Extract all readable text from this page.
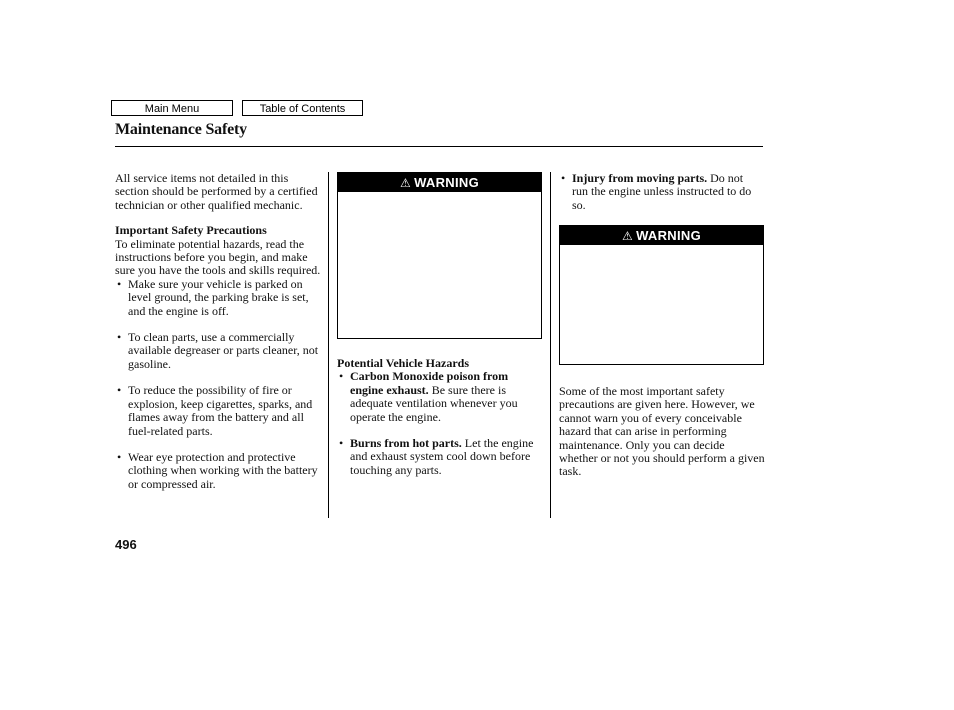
Main Menu	Table of Contents
Maintenance Safety

All service items not detailed in this section should be performed by a certified technician or other qualified mechanic.

Important Safety Precautions

To eliminate potential hazards, read the instructions before you begin, and make sure you have the tools and skills required.

• Make sure your vehicle is parked on level ground, the parking brake is set, and the engine is off.
• To clean parts, use a commercially available degreaser or parts cleaner, not gasoline.
• To reduce the possibility of fire or explosion, keep cigarettes, sparks, and flames away from the battery and all fuel-related parts.
• Wear eye protection and protective clothing when working with the battery or compressed air.
⚠ WARNING

Potential Vehicle Hazards

• Carbon Monoxide poison from engine exhaust. Be sure there is adequate ventilation whenever you operate the engine.
• Burns from hot parts. Let the engine and exhaust system cool down before touching any parts.
• Injury from moving parts. Do not run the engine unless instructed to do so.
⚠ WARNING

Some of the most important safety precautions are given here. However, we cannot warn you of every conceivable hazard that can arise in performing maintenance. Only you can decide whether or not you should perform a given task.

496
